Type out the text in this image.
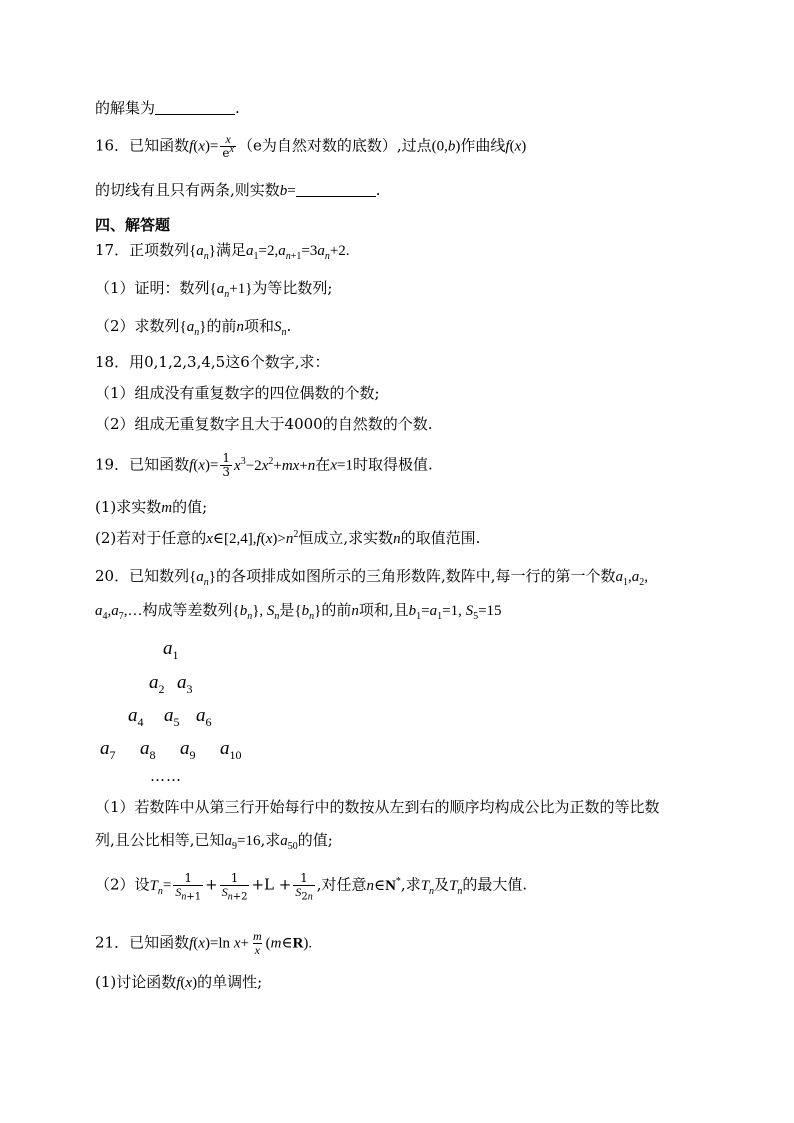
的解集为	.
16．已知函数$f(x)= \frac{x}{e^x} (e$为自然对数的底数）,过点(0,b)作曲线f(x)
的切线有且只有两条,则实数b=	.
四、解答题
17．正项数列$\{a_n\}$满足$a_1=2,a_{n+1}=3a_n+2$.
（1）证明：数列$\{a_n+1\}$为等比数列;
（2）求数列$\{a_n\}$的前n项和$S_n$.
18．用0,1,2,3,4,5这6个数字,求：
（1）组成没有重复数字的四位偶数的个数;
（2）组成无重复数字且大于4000的自然数的个数.
19．已知函数$f(x)= \frac{1}{3} x^3-2x^2+mx+n$在x=1时取得极值.
(1)求实数m的值;
(2)若对于任意的$x\in[2,4],f(x)>n^2$恒成立,求实数n的取值范围.
20．已知数列$\{a_n\}$的各项排成如图所示的三角形数阵,数阵中,每一行的第一个数$a_1,a_2$,
$a_4,a_7,\dots$构成等差数列$\{b_n\}$, $S_n$是$\{b_n\}$的前n项和,且$b_1=a_1=1$, $S_5=15$
$a_1$
$a_2$ $a_3$
$a_4$ $a_5$ $a_6$
$a_7$ $a_8$ $a_9$ $a_{10}$
……
（1）若数阵中从第三行开始每行中的数按从左到右的顺序均构成公比为正数的等比数
列,且公比相等,已知$a_9=16$,求$a_{50}$的值;
（2）设$T_n= \frac{1}{S_{n+1}} + \frac{1}{S_{n+2}} +L + \frac{1}{S_{2n}}$ ,对任意n∈N*,求$T_n$及$T_n$的最大值.
21．已知函数f(x)=ln $x+ \frac{m}{x}$ (m∈R).
(1)讨论函数f(x)的单调性;
